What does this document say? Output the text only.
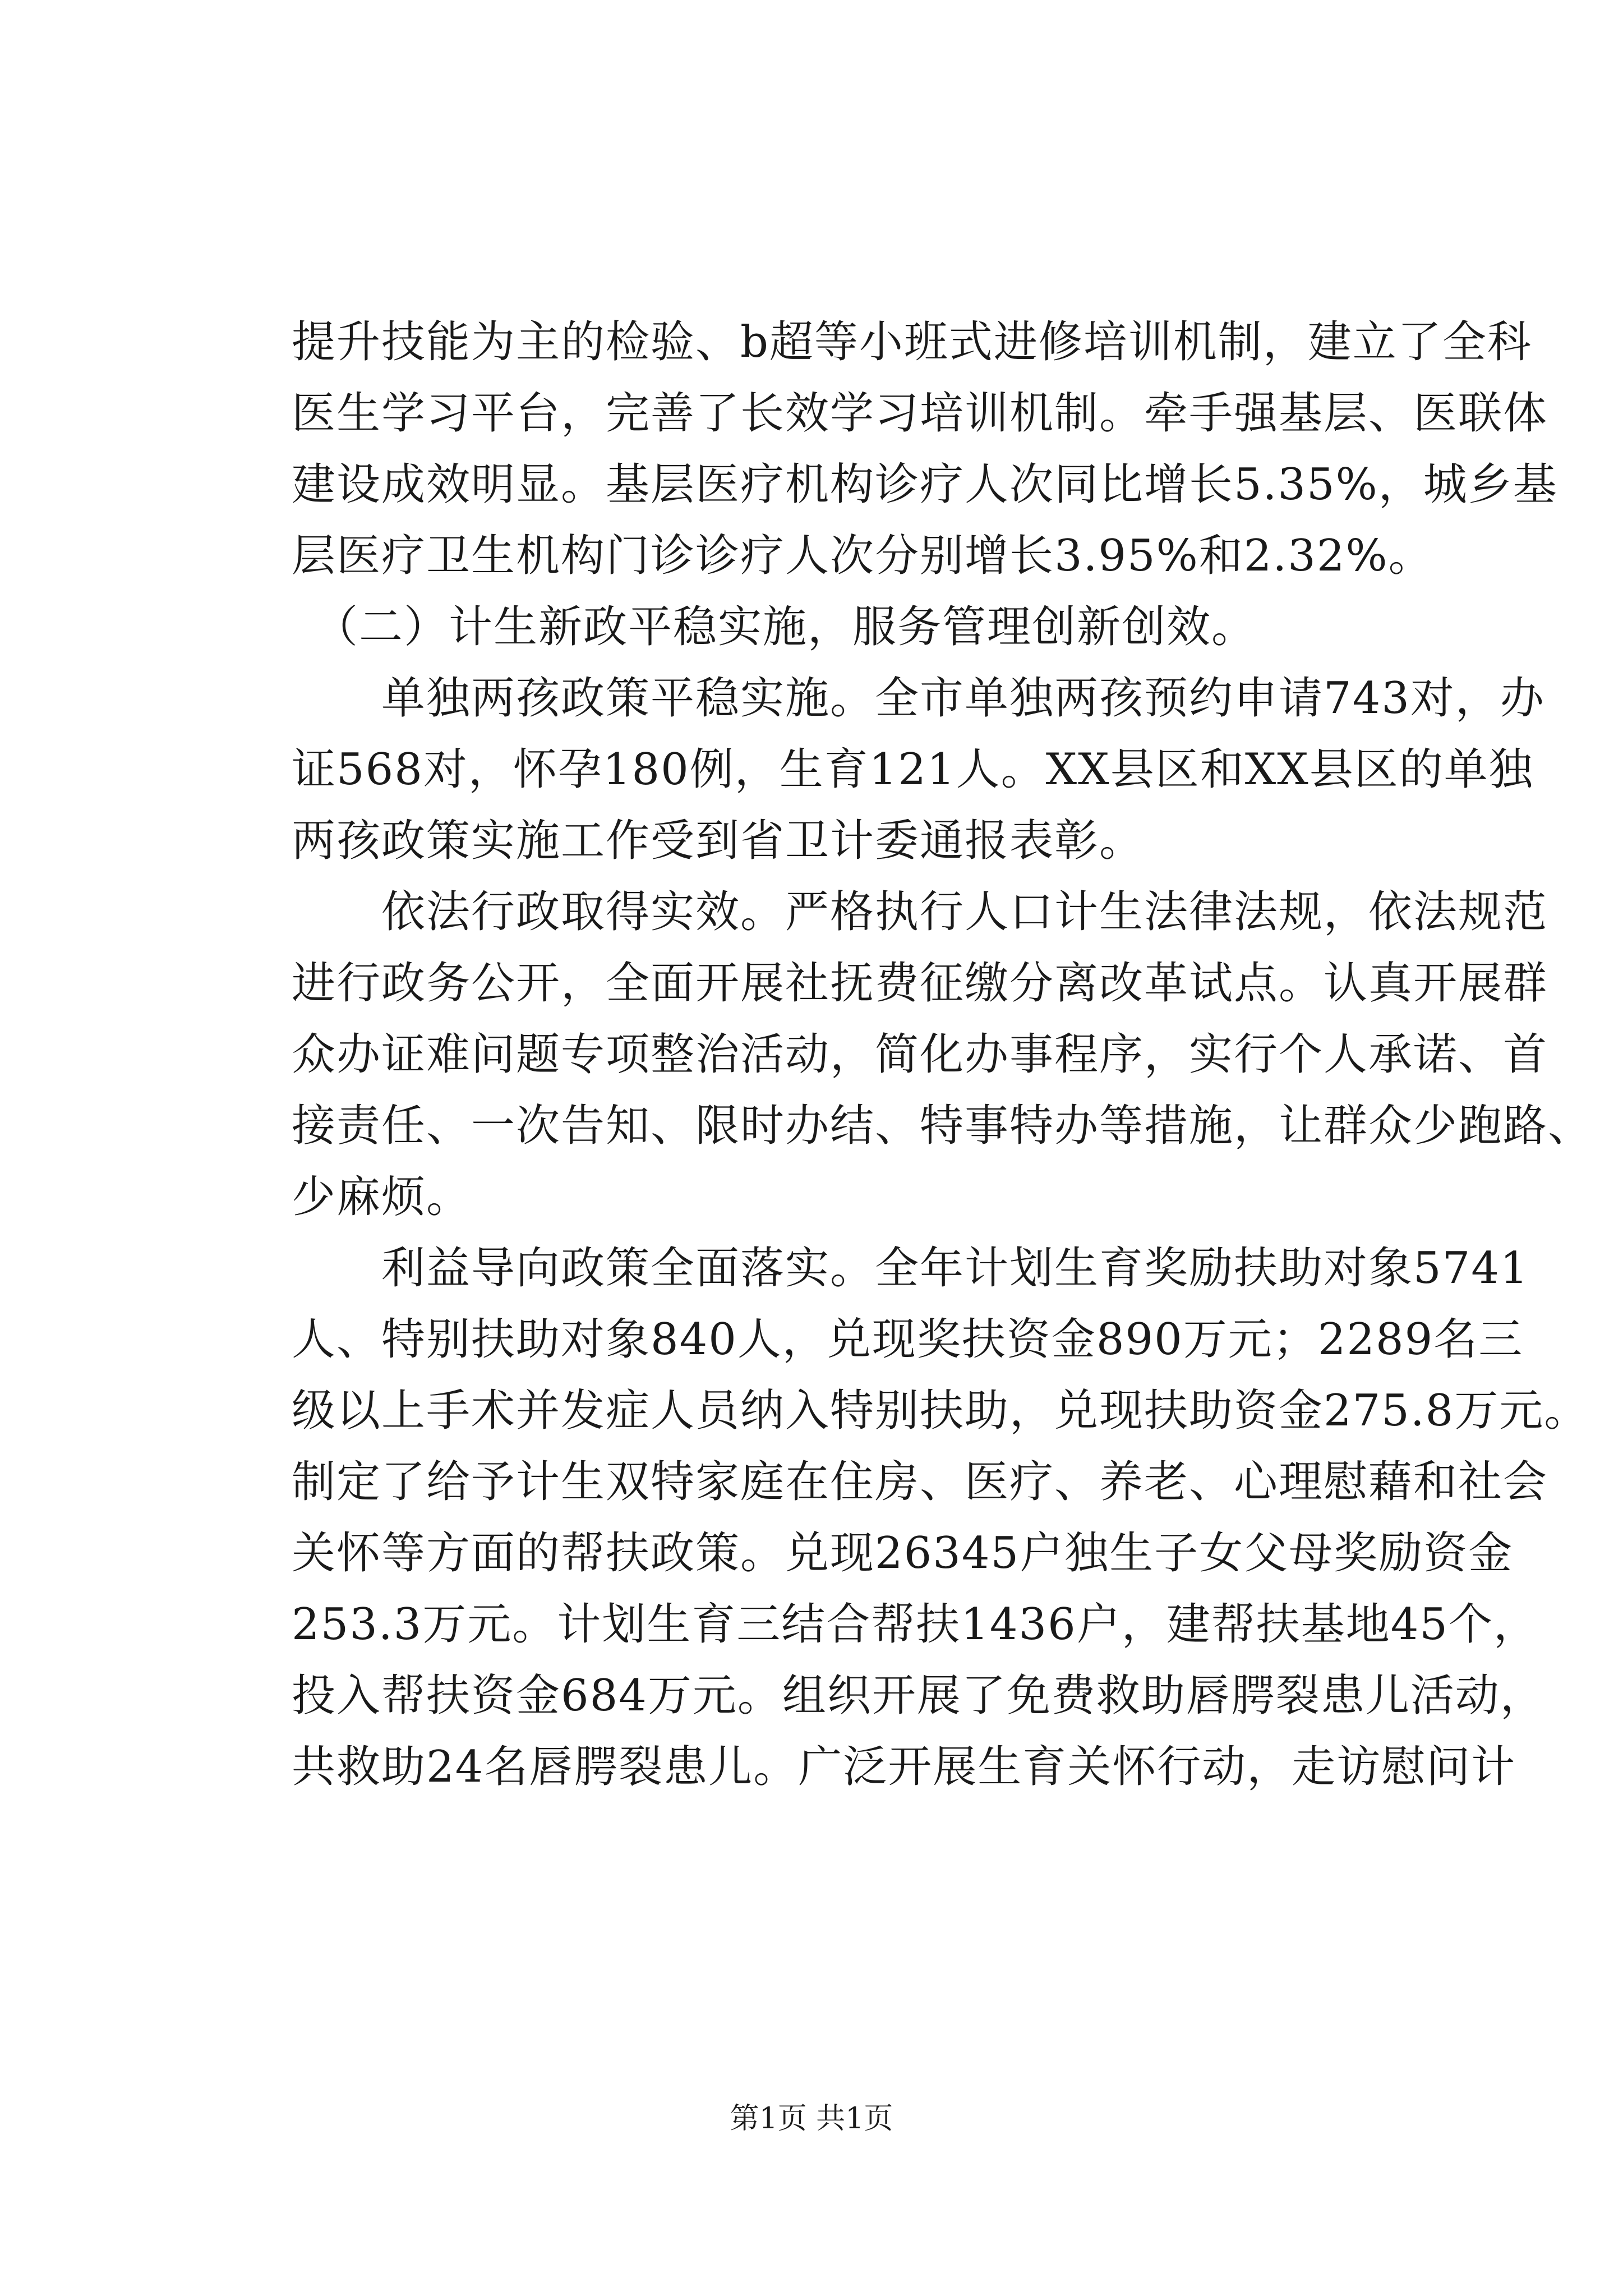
提升技能为主的检验、b超等小班式进修培训机制，建立了全科
医生学习平台，完善了长效学习培训机制。牵手强基层、医联体
建设成效明显。基层医疗机构诊疗人次同比增长5.35%，城乡基
层医疗卫生机构门诊诊疗人次分别增长3.95%和2.32%。
（二）计生新政平稳实施，服务管理创新创效。
单独两孩政策平稳实施。全市单独两孩预约申请743对，办
证568对，怀孕180例，生育121人。XX县区和XX县区的单独
两孩政策实施工作受到省卫计委通报表彰。
依法行政取得实效。严格执行人口计生法律法规，依法规范
进行政务公开，全面开展社抚费征缴分离改革试点。认真开展群
众办证难问题专项整治活动，简化办事程序，实行个人承诺、首
接责任、一次告知、限时办结、特事特办等措施，让群众少跑路、
少麻烦。
利益导向政策全面落实。全年计划生育奖励扶助对象5741
人、特别扶助对象840人，兑现奖扶资金890万元；2289名三
级以上手术并发症人员纳入特别扶助，兑现扶助资金275.8万元。
制定了给予计生双特家庭在住房、医疗、养老、心理慰藉和社会
关怀等方面的帮扶政策。兑现26345户独生子女父母奖励资金
253.3万元。计划生育三结合帮扶1436户，建帮扶基地45个，
投入帮扶资金684万元。组织开展了免费救助唇腭裂患儿活动，
共救助24名唇腭裂患儿。广泛开展生育关怀行动，走访慰问计
第1页 共1页
